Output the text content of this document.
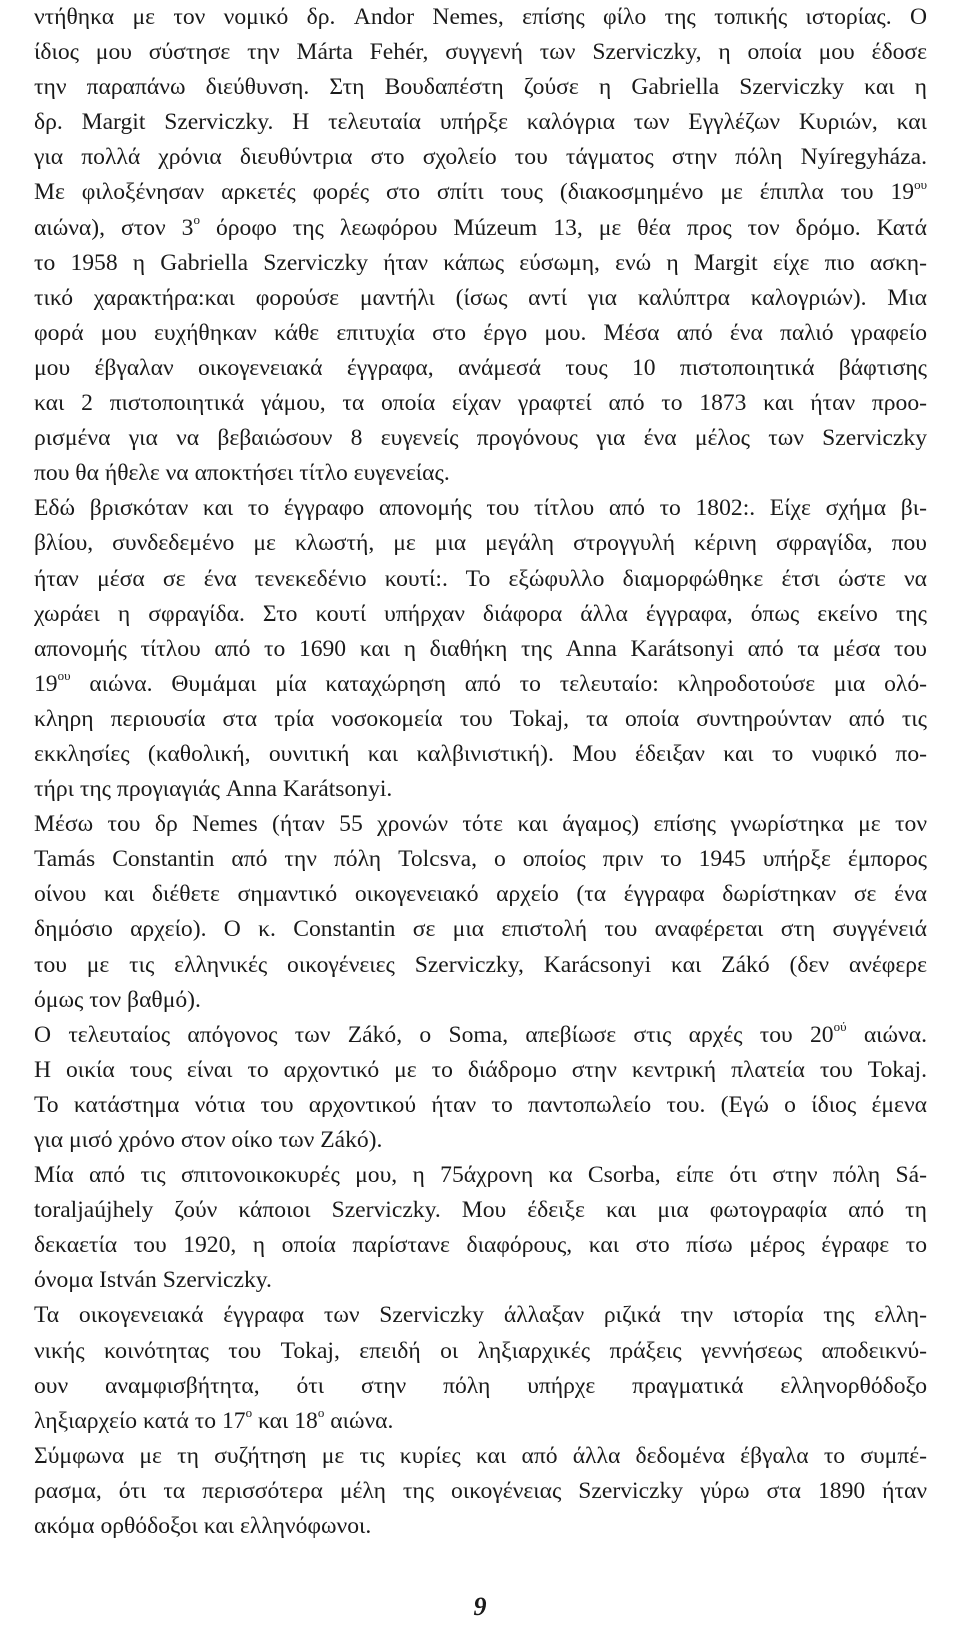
ντήθηκα με τον νομικό δρ. Andor Nemes, επίσης φίλο της τοπικής ιστορίας. Ο
ίδιος μου σύστησε την Márta Fehér, συγγενή των Szerviczky, η οποία μου έδοσε
την παραπάνω διεύθυνση. Στη Βουδαπέστη ζούσε η Gabriella Szerviczky και η
δρ. Margit Szerviczky. Η τελευταία υπήρξε καλόγρια των Εγγλέζων Κυριών, και
για πολλά χρόνια διευθύντρια στο σχολείο του τάγματος στην πόλη Nyíregyháza.
Με φιλοξένησαν αρκετές φορές στο σπίτι τους (διακοσμημένο με έπιπλα του $19^{o\upsilon}$
αιώνα), στον $3^o$ όροφο της λεωφόρου Múzeum 13, με θέα προς τον δρόμο. Κατά
το 1958 η Gabriella Szerviczky ήταν κάπως εύσωμη, ενώ η Margit είχε πιο ασκη-
τικό χαρακτήρα:και φορούσε μαντήλι (ίσως αντί για καλύπτρα καλογριών). Μια
φορά μου ευχήθηκαν κάθε επιτυχία στο έργο μου. Μέσα από ένα παλιό γραφείο
μου έβγαλαν οικογενειακά έγγραφα, ανάμεσά τους 10 πιστοποιητικά βάφτισης
και 2 πιστοποιητικά γάμου, τα οποία είχαν γραφτεί από το 1873 και ήταν προο-
ρισμένα για να βεβαιώσουν 8 ευγενείς προγόνους για ένα μέλος των Szerviczky
που θα ήθελε να αποκτήσει τίτλο ευγενείας.
Εδώ βρισκόταν και το έγγραφο απονομής του τίτλου από το 1802:. Είχε σχήμα βι-
βλίου, συνδεδεμένο με κλωστή, με μια μεγάλη στρογγυλή κέρινη σφραγίδα, που
ήταν μέσα σε ένα τενεκεδένιο κουτί:. Το εξώφυλλο διαμορφώθηκε έτσι ώστε να
χωράει η σφραγίδα. Στο κουτί υπήρχαν διάφορα άλλα έγγραφα, όπως εκείνο της
απονομής τίτλου από το 1690 και η διαθήκη της Anna Karátsonyi από τα μέσα του
$19^{o\upsilon}$ αιώνα. Θυμάμαι μία καταχώρηση από το τελευταίο: κληροδοτούσε μια ολό-
κληρη περιουσία στα τρία νοσοκομεία του Tokaj, τα οποία συντηρούνταν από τις
εκκλησίες (καθολική, ουνιτική και καλβινιστική). Μου έδειξαν και το νυφικό πο-
τήρι της προγιαγιάς Anna Karátsonyi.
Μέσω του δρ Nemes (ήταν 55 χρονών τότε και άγαμος) επίσης γνωρίστηκα με τον
Tamás Constantin από την πόλη Tolcsva, ο οποίος πριν το 1945 υπήρξε έμπορος
οίνου και διέθετε σημαντικό οικογενειακό αρχείο (τα έγγραφα δωρίστηκαν σε ένα
δημόσιο αρχείο). Ο κ. Constantin σε μια επιστολή του αναφέρεται στη συγγένειά
του με τις ελληνικές οικογένειες Szerviczky, Karácsonyi και Zákó (δεν ανέφερε
όμως τον βαθμό).
Ο τελευταίος απόγονος των Zákó, ο Soma, απεβίωσε στις αρχές του $20^{oύ}$ αιώνα.
Η οικία τους είναι το αρχοντικό με το διάδρομο στην κεντρική πλατεία του Tokaj.
Το κατάστημα νότια του αρχοντικού ήταν το παντοπωλείο του. (Εγώ ο ίδιος έμενα
για μισό χρόνο στον οίκο των Zákó).
Μία από τις σπιτονοικοκυρές μου, η 75άχρονη κα Csorba, είπε ότι στην πόλη Sá-
toraljaújhely ζούν κάποιοι Szerviczky. Μου έδειξε και μια φωτογραφία από τη
δεκαετία του 1920, η οποία παρίστανε διαφόρους, και στο πίσω μέρος έγραφε το
όνομα István Szerviczky.
Τα οικογενειακά έγγραφα των Szerviczky άλλαξαν ριζικά την ιστορία της ελλη-
νικής κοινότητας του Tokaj, επειδή οι ληξιαρχικές πράξεις γεννήσεως αποδεικνύ-
ουν αναμφισβήτητα, ότι στην πόλη υπήρχε πραγματικά ελληνορθόδοξο
ληξιαρχείο κατά το $17^o$ και $18^o$ αιώνα.
Σύμφωνα με τη συζήτηση με τις κυρίες και από άλλα δεδομένα έβγαλα το συμπέ-
ρασμα, ότι τα περισσότερα μέλη της οικογένειας Szerviczky γύρω στα 1890 ήταν
ακόμα ορθόδοξοι και ελληνόφωνοι.
9
